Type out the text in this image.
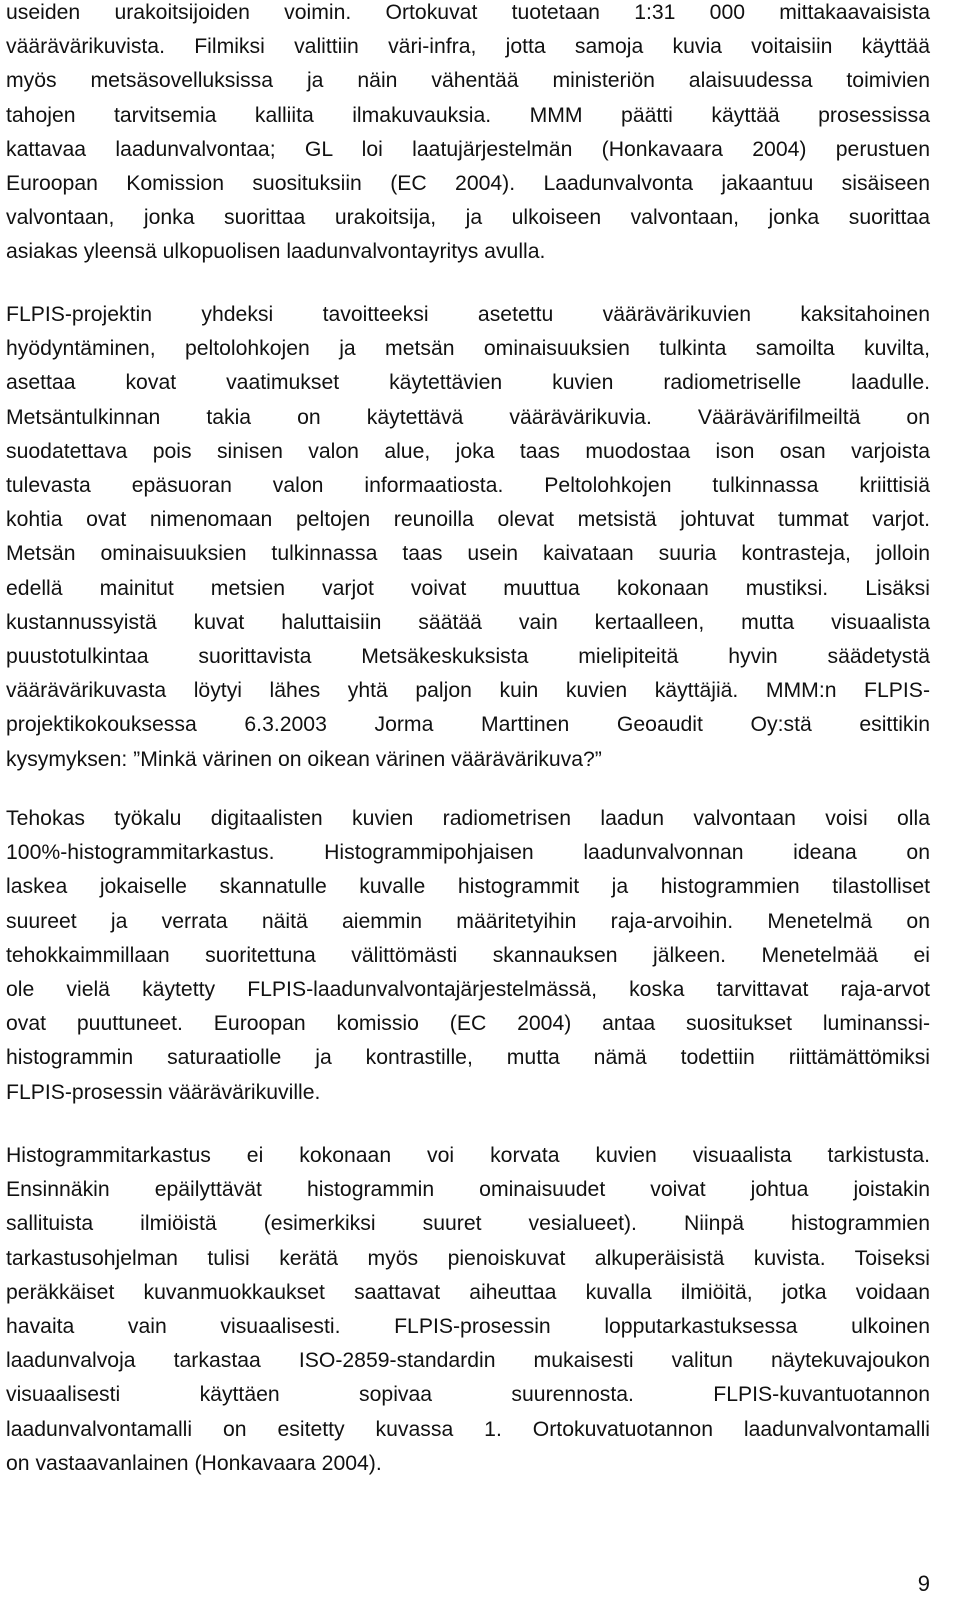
useiden urakoitsijoiden voimin. Ortokuvat tuotetaan 1:31 000 mittakaavaisista
väärävärikuvista. Filmiksi valittiin väri-infra, jotta samoja kuvia voitaisiin käyttää
myös metsäsovelluksissa ja näin vähentää ministeriön alaisuudessa toimivien
tahojen tarvitsemia kalliita ilmakuvauksia. MMM päätti käyttää prosessissa
kattavaa laadunvalvontaa; GL loi laatujärjestelmän (Honkavaara 2004) perustuen
Euroopan Komission suosituksiin (EC 2004). Laadunvalvonta jakaantuu sisäiseen
valvontaan, jonka suorittaa urakoitsija, ja ulkoiseen valvontaan, jonka suorittaa
asiakas yleensä ulkopuolisen laadunvalvontayritys avulla.
FLPIS-projektin yhdeksi tavoitteeksi asetettu väärävärikuvien kaksitahoinen
hyödyntäminen, peltolohkojen ja metsän ominaisuuksien tulkinta samoilta kuvilta,
asettaa kovat vaatimukset käytettävien kuvien radiometriselle laadulle.
Metsäntulkinnan takia on käytettävä väärävärikuvia. Väärävärifilmeiltä on
suodatettava pois sinisen valon alue, joka taas muodostaa ison osan varjoista
tulevasta epäsuoran valon informaatiosta. Peltolohkojen tulkinnassa kriittisiä
kohtia ovat nimenomaan peltojen reunoilla olevat metsistä johtuvat tummat varjot.
Metsän ominaisuuksien tulkinnassa taas usein kaivataan suuria kontrasteja, jolloin
edellä mainitut metsien varjot voivat muuttua kokonaan mustiksi. Lisäksi
kustannussyistä kuvat haluttaisiin säätää vain kertaalleen, mutta visuaalista
puustotulkintaa suorittavista Metsäkeskuksista mielipiteitä hyvin säädetystä
väärävärikuvasta löytyi lähes yhtä paljon kuin kuvien käyttäjiä. MMM:n FLPIS-
projektikokouksessa 6.3.2003 Jorma Marttinen Geoaudit Oy:stä esittikin
kysymyksen: ”Minkä värinen on oikean värinen väärävärikuva?”
Tehokas työkalu digitaalisten kuvien radiometrisen laadun valvontaan voisi olla
100%-histogrammitarkastus. Histogrammipohjaisen laadunvalvonnan ideana on
laskea jokaiselle skannatulle kuvalle histogrammit ja histogrammien tilastolliset
suureet ja verrata näitä aiemmin määritetyihin raja-arvoihin. Menetelmä on
tehokkaimmillaan suoritettuna välittömästi skannauksen jälkeen. Menetelmää ei
ole vielä käytetty FLPIS-laadunvalvontajärjestelmässä, koska tarvittavat raja-arvot
ovat puuttuneet. Euroopan komissio (EC 2004) antaa suositukset luminanssi-
histogrammin saturaatiolle ja kontrastille, mutta nämä todettiin riittämättömiksi
FLPIS-prosessin väärävärikuville.
Histogrammitarkastus ei kokonaan voi korvata kuvien visuaalista tarkistusta.
Ensinnäkin epäilyttävät histogrammin ominaisuudet voivat johtua joistakin
sallituista ilmiöistä (esimerkiksi suuret vesialueet). Niinpä histogrammien
tarkastusohjelman tulisi kerätä myös pienoiskuvat alkuperäisistä kuvista. Toiseksi
peräkkäiset kuvanmuokkaukset saattavat aiheuttaa kuvalla ilmiöitä, jotka voidaan
havaita vain visuaalisesti. FLPIS-prosessin lopputarkastuksessa ulkoinen
laadunvalvoja tarkastaa ISO-2859-standardin mukaisesti valitun näytekuvajoukon
visuaalisesti käyttäen sopivaa suurennosta. FLPIS-kuvantuotannon
laadunvalvontamalli on esitetty kuvassa 1. Ortokuvatuotannon laadunvalvontamalli
on vastaavanlainen (Honkavaara 2004).
9
